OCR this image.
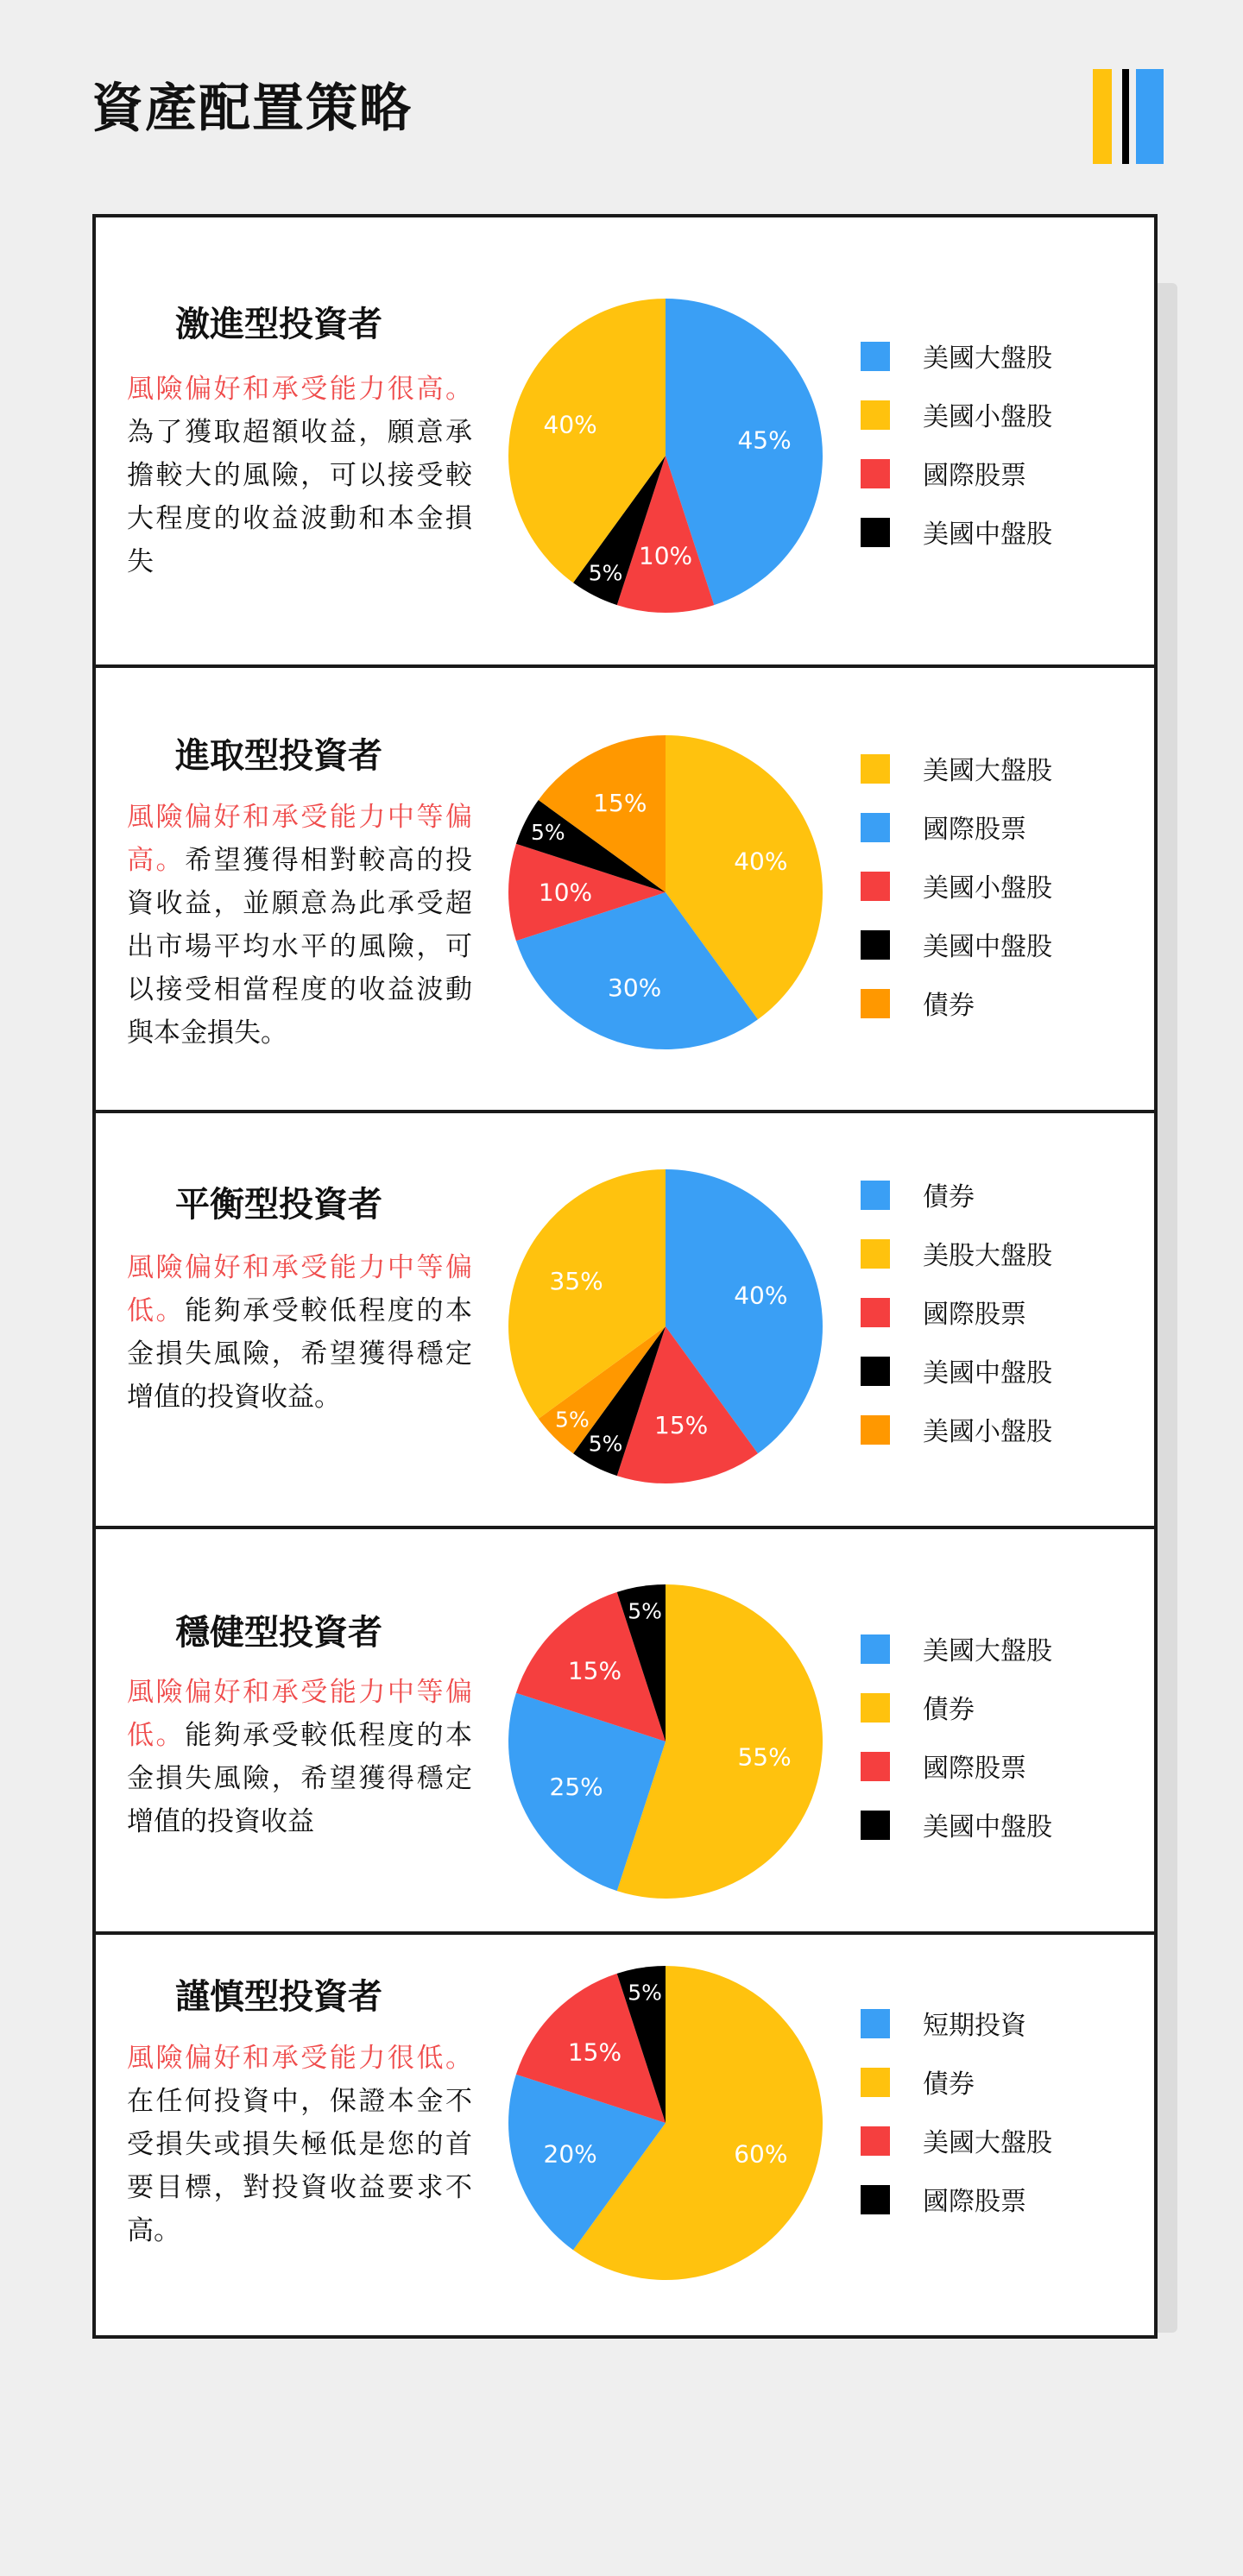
資產配置策略
激進型投資者

風險偏好和承受能力很高。為了獲取超額收益，願意承擔較大的風險，可以接受較大程度的收益波動和本金損失

45%
10%
5%
40%
美國大盤股
美國小盤股
國際股票
美國中盤股
進取型投資者

風險偏好和承受能力中等偏高。希望獲得相對較高的投資收益，並願意為此承受超出市場平均水平的風險，可以接受相當程度的收益波動與本金損失。

40%
30%
10%
5%
15%
美國大盤股
國際股票
美國小盤股
美國中盤股
債券
平衡型投資者

風險偏好和承受能力中等偏低。能夠承受較低程度的本金損失風險，希望獲得穩定增值的投資收益。

40%
15%
5%
5%
35%
債券
美股大盤股
國際股票
美國中盤股
美國小盤股
穩健型投資者

風險偏好和承受能力中等偏低。能夠承受較低程度的本金損失風險，希望獲得穩定增值的投資收益

55%
25%
15%
5%
美國大盤股
債券
國際股票
美國中盤股
謹慎型投資者

風險偏好和承受能力很低。在任何投資中，保證本金不受損失或損失極低是您的首要目標，對投資收益要求不高。

60%
20%
15%
5%
短期投資
債券
美國大盤股
國際股票
